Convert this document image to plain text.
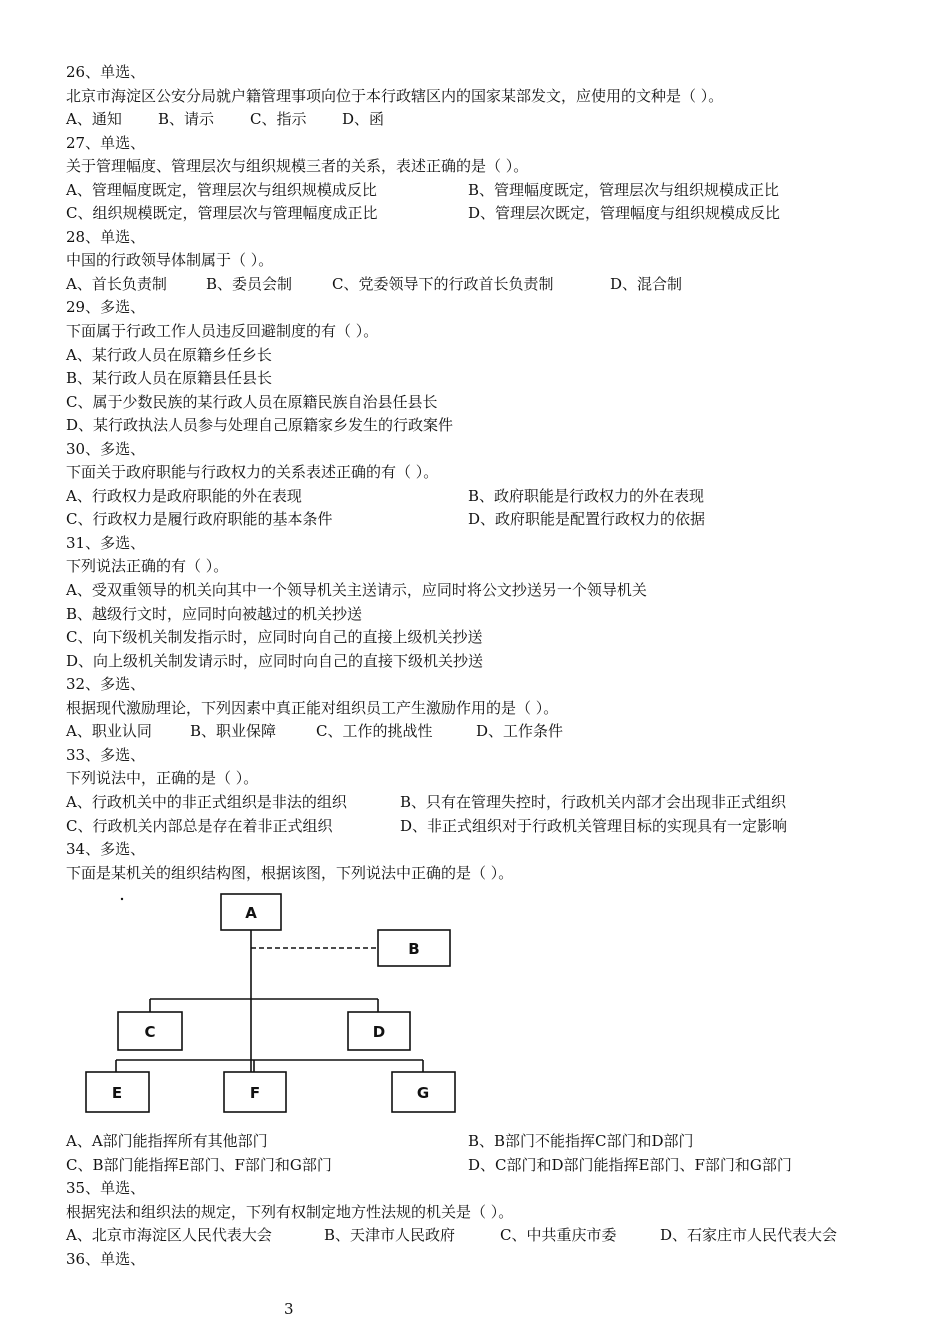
26、单选、
北京市海淀区公安分局就户籍管理事项向位于本行政辖区内的国家某部发文，应使用的文种是（ ）。
A、通知 B、请示 C、指示 D、函
27、单选、
关于管理幅度、管理层次与组织规模三者的关系，表述正确的是（ ）。
A、管理幅度既定，管理层次与组织规模成反比	B、管理幅度既定，管理层次与组织规模成正比
C、组织规模既定，管理层次与管理幅度成正比	D、管理层次既定，管理幅度与组织规模成反比
28、单选、
中国的行政领导体制属于（ ）。
A、首长负责制	B、委员会制	C、党委领导下的行政首长负责制	D、混合制
29、多选、
下面属于行政工作人员违反回避制度的有（ ）。
A、某行政人员在原籍乡任乡长
B、某行政人员在原籍县任县长
C、属于少数民族的某行政人员在原籍民族自治县任县长
D、某行政执法人员参与处理自己原籍家乡发生的行政案件
30、多选、
下面关于政府职能与行政权力的关系表述正确的有（ ）。
A、行政权力是政府职能的外在表现	B、政府职能是行政权力的外在表现
C、行政权力是履行政府职能的基本条件	D、政府职能是配置行政权力的依据
31、多选、
下列说法正确的有（ ）。
A、受双重领导的机关向其中一个领导机关主送请示，应同时将公文抄送另一个领导机关
B、越级行文时，应同时向被越过的机关抄送
C、向下级机关制发指示时，应同时向自己的直接上级机关抄送
D、向上级机关制发请示时，应同时向自己的直接下级机关抄送
32、多选、
根据现代激励理论，下列因素中真正能对组织员工产生激励作用的是（ ）。
A、职业认同	B、职业保障	C、工作的挑战性	D、工作条件
33、多选、
下列说法中，正确的是（ ）。
A、行政机关中的非正式组织是非法的组织	B、只有在管理失控时，行政机关内部才会出现非正式组织
C、行政机关内部总是存在着非正式组织	D、非正式组织对于行政机关管理目标的实现具有一定影响
34、多选、
下面是某机关的组织结构图，根据该图，下列说法中正确的是（ ）。
A
B
C	D
E	F	G
A、A部门能指挥所有其他部门	B、B部门不能指挥C部门和D部门
C、B部门能指挥E部门、F部门和G部门	D、C部门和D部门能指挥E部门、F部门和G部门
35、单选、
根据宪法和组织法的规定，下列有权制定地方性法规的机关是（ ）。
A、北京市海淀区人民代表大会	B、天津市人民政府	C、中共重庆市委	D、石家庄市人民代表大会
36、单选、
3
